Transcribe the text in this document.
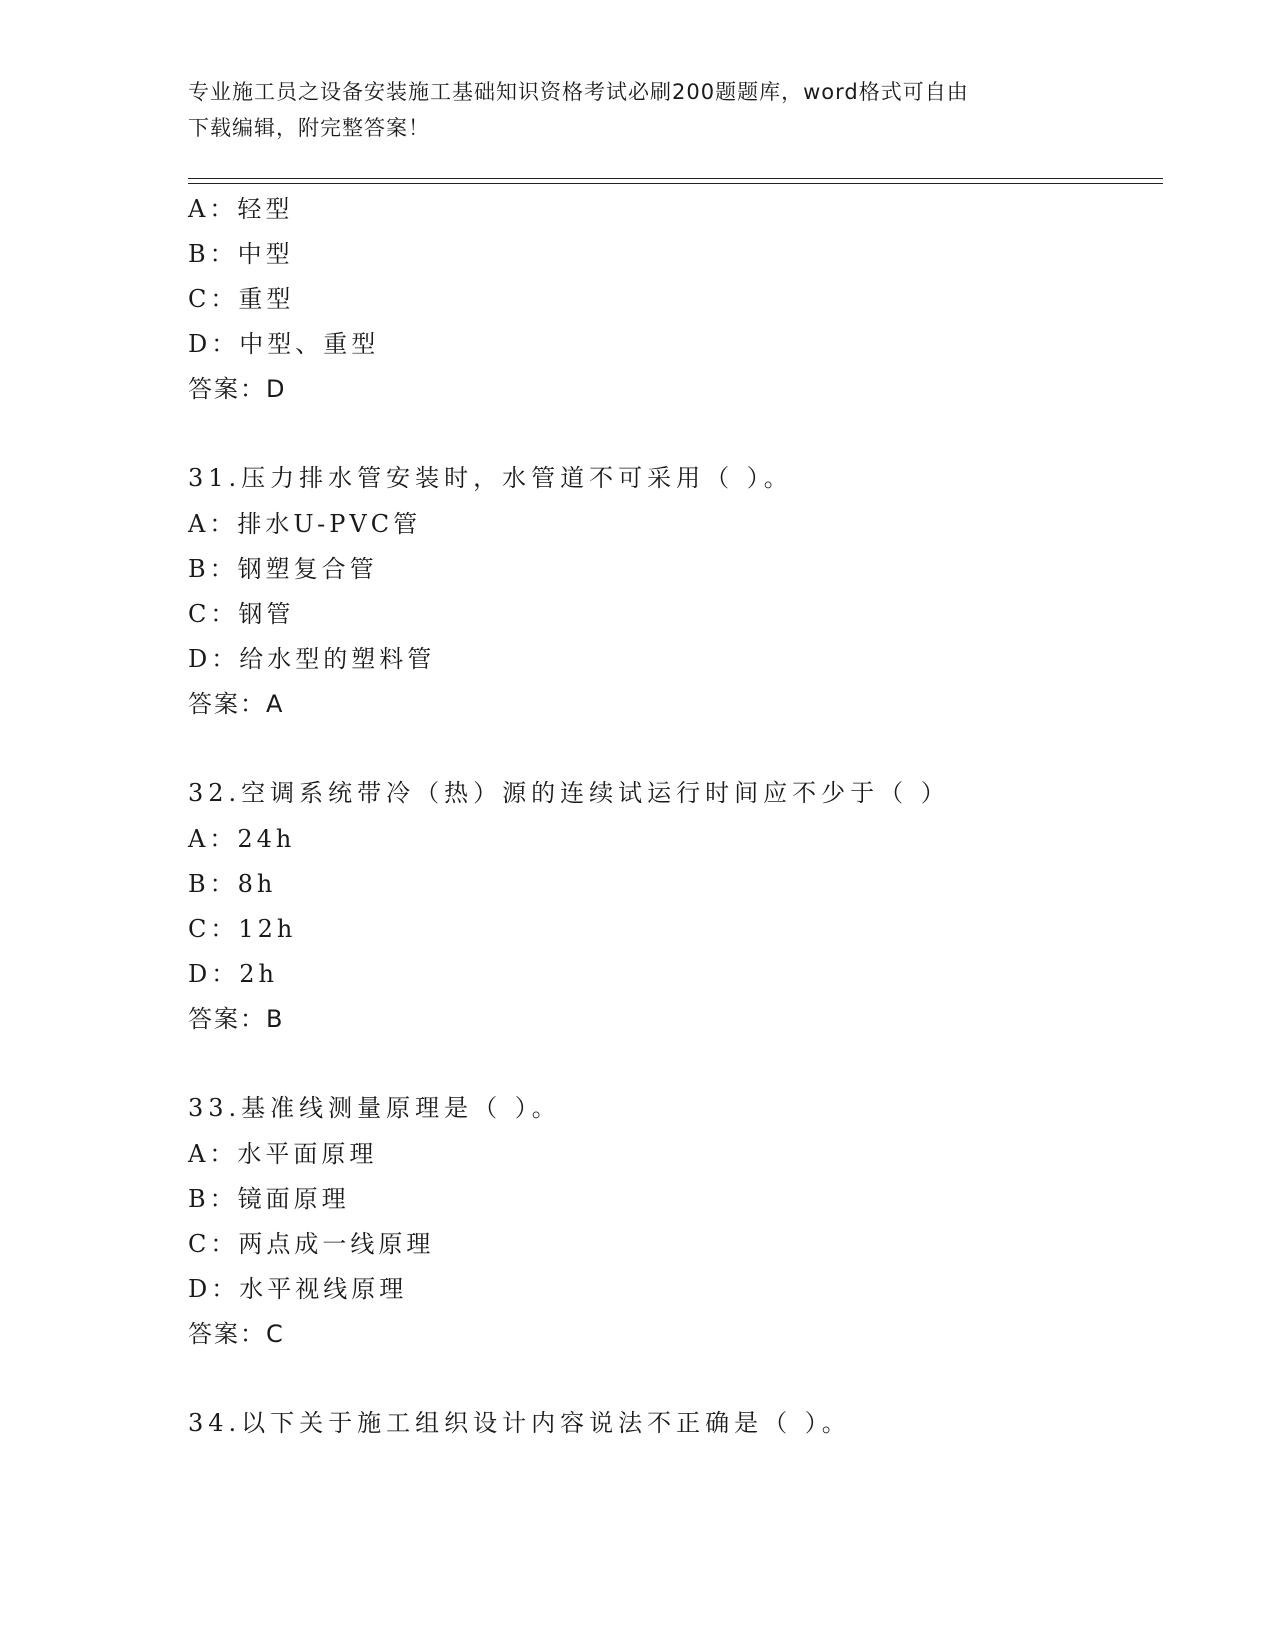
专业施工员之设备安装施工基础知识资格考试必刷200题题库，word格式可自由
下载编辑，附完整答案！
A：轻型
B：中型
C：重型
D：中型、重型
答案：D
31.压力排水管安装时，水管道不可采用（ ）。
A：排水U-PVC管
B：钢塑复合管
C：钢管
D：给水型的塑料管
答案：A
32.空调系统带冷（热）源的连续试运行时间应不少于（ ）
A：24h
B：8h
C：12h
D：2h
答案：B
33.基准线测量原理是（ ）。
A：水平面原理
B：镜面原理
C：两点成一线原理
D：水平视线原理
答案：C
34.以下关于施工组织设计内容说法不正确是（ ）。
